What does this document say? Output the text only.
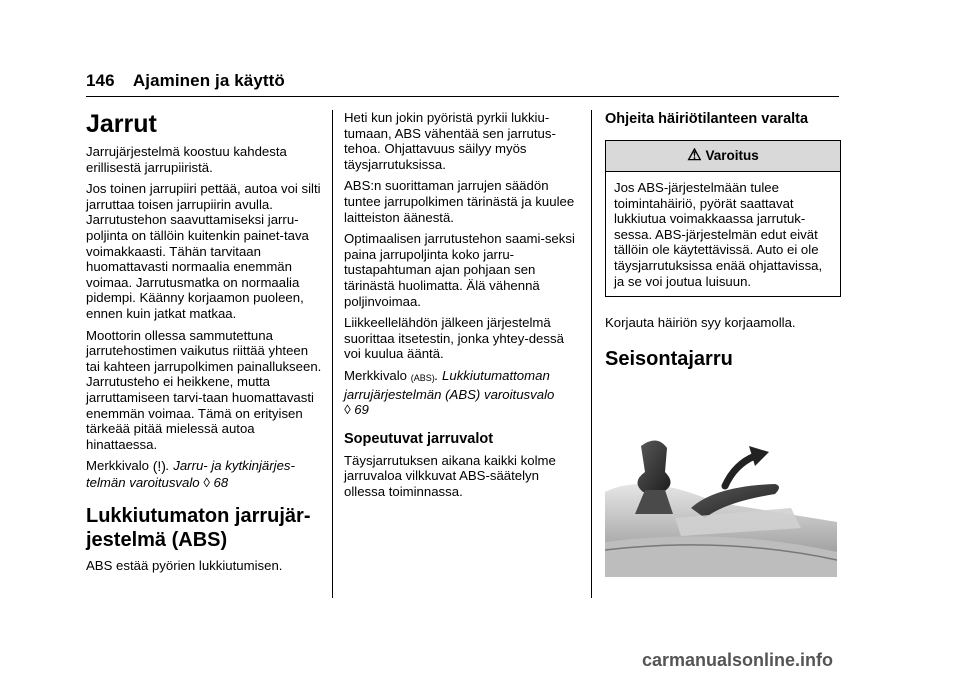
146 Ajaminen ja käyttö
Jarrut

Jarrujärjestelmä koostuu kahdesta erillisestä jarrupiiristä.

Jos toinen jarrupiiri pettää, autoa voi silti jarruttaa toisen jarrupiirin avulla. Jarrutustehon saavuttamiseksi jarru-poljinta on tällöin kuitenkin painet-tava voimakkaasti. Tähän tarvitaan huomattavasti normaalia enemmän voimaa. Jarrutusmatka on normaalia pidempi. Käänny korjaamon puoleen, ennen kuin jatkat matkaa.

Moottorin ollessa sammutettuna jarrutehostimen vaikutus riittää yhteen tai kahteen jarrupolkimen painallukseen. Jarrutusteho ei heikkene, mutta jarruttamiseen tarvi-taan huomattavasti enemmän voimaa. Tämä on erityisen tärkeää pitää mielessä autoa hinattaessa.

Merkkivalo (!). Jarru- ja kytkinjärjes-telmän varoitusvalo ◊ 68

Lukkiutumaton jarrujär-jestelmä (ABS)

ABS estää pyörien lukkiutumisen.

Heti kun jokin pyöristä pyrkii lukkiu-tumaan, ABS vähentää sen jarrutus-tehoa. Ohjattavuus säilyy myös täysjarrutuksissa.

ABS:n suorittaman jarrujen säädön tuntee jarrupolkimen tärinästä ja kuulee laitteiston äänestä.

Optimaalisen jarrutustehon saami-seksi paina jarrupoljinta koko jarru-tustapahtuman ajan pohjaan sen tärinästä huolimatta. Älä vähennä poljinvoimaa.

Liikkeellelähdön jälkeen järjestelmä suorittaa itsetestin, jonka yhtey-dessä voi kuulua ääntä.

Merkkivalo (ABS). Lukkiutumattoman jarrujärjestelmän (ABS) varoitusvalo
◊ 69

Sopeutuvat jarruvalot

Täysjarrutuksen aikana kaikki kolme jarruvaloa vilkkuvat ABS-säätelyn ollessa toiminnassa.

Ohjeita häiriötilanteen varalta
⚠ Varoitus
Jos ABS-järjestelmään tulee toimintahäiriö, pyörät saattavat lukkiutua voimakkaassa jarrutuk-sessa. ABS-järjestelmän edut eivät tällöin ole käytettävissä. Auto ei ole täysjarrutuksissa enää ohjattavissa, ja se voi joutua luisuun.

Korjauta häiriön syy korjaamolla.

Seisontajarru
carmanualsonline.info
